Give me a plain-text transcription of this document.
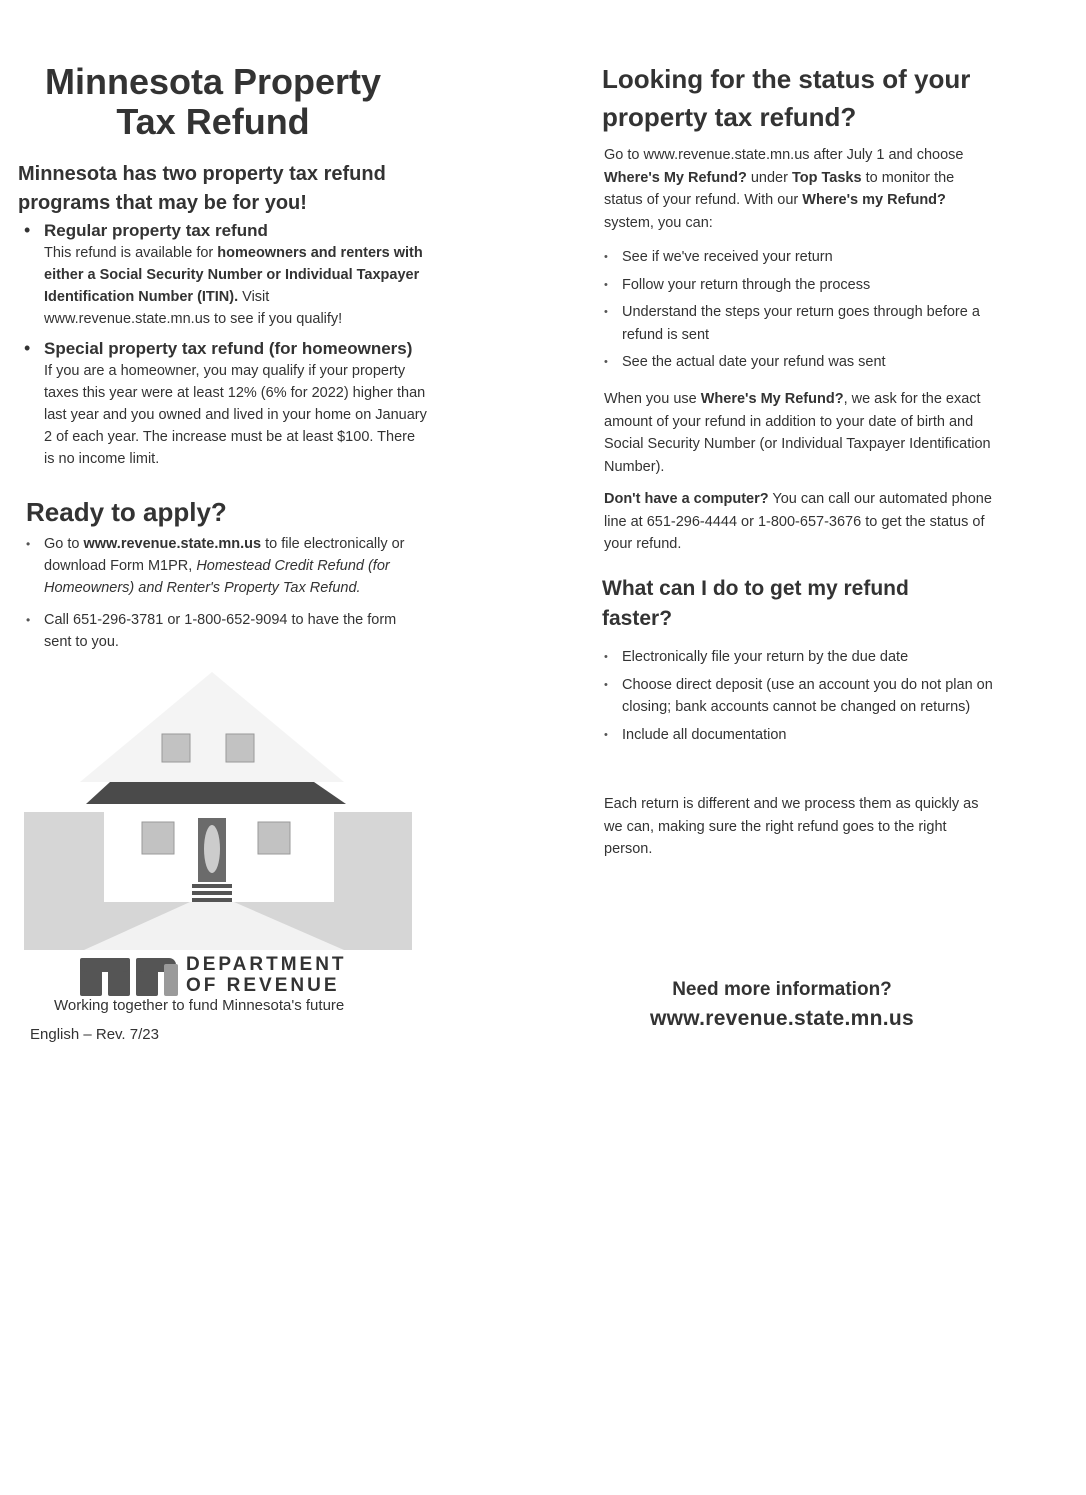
Minnesota Property Tax Refund

Minnesota has two property tax refund programs that may be for you!

• Regular property tax refund
This refund is available for homeowners and renters with either a Social Security Number or Individual Taxpayer Identification Number (ITIN). Visit www.revenue.state.mn.us to see if you qualify!
• Special property tax refund (for homeowners)
If you are a homeowner, you may qualify if your property taxes this year were at least 12% (6% for 2022) higher than last year and you owned and lived in your home on January 2 of each year. The increase must be at least $100. There is no income limit.
Ready to apply?
• Go to www.revenue.state.mn.us to file electronically or download Form M1PR, Homestead Credit Refund (for Homeowners) and Renter's Property Tax Refund.
• Call 651-296-3781 or 1-800-652-9094 to have the form sent to you.
DEPARTMENT
OF REVENUE
Working together to fund Minnesota's future
English – Rev. 7/23
Looking for the status of your property tax refund?

Go to www.revenue.state.mn.us after July 1 and choose Where's My Refund? under Top Tasks to monitor the status of your refund. With our Where's my Refund? system, you can:

• See if we've received your return
• Follow your return through the process
• Understand the steps your return goes through before a refund is sent
• See the actual date your refund was sent

When you use Where's My Refund?, we ask for the exact amount of your refund in addition to your date of birth and Social Security Number (or Individual Taxpayer Identification Number).

Don't have a computer? You can call our automated phone line at 651-296-4444 or 1-800-657-3676 to get the status of your refund.

What can I do to get my refund faster?
• Electronically file your return by the due date
• Choose direct deposit (use an account you do not plan on closing; bank accounts cannot be changed on returns)
• Include all documentation

Each return is different and we process them as quickly as we can, making sure the right refund goes to the right person.

Need more information?

www.revenue.state.mn.us
